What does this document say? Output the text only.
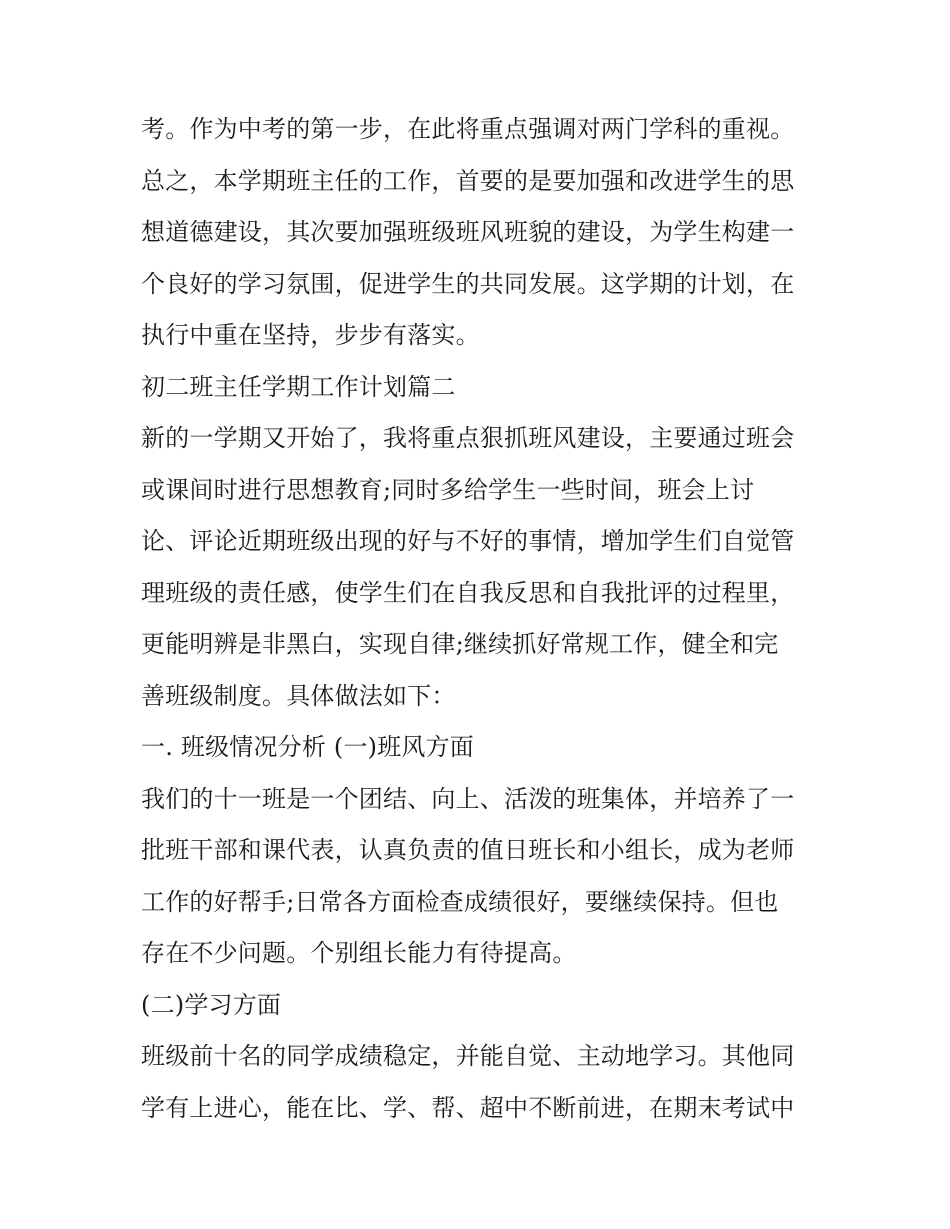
考。作为中考的第一步，在此将重点强调对两门学科的重视。
总之，本学期班主任的工作，首要的是要加强和改进学生的思
想道德建设，其次要加强班级班风班貌的建设，为学生构建一
个良好的学习氛围，促进学生的共同发展。这学期的计划，在
执行中重在坚持，步步有落实。
初二班主任学期工作计划篇二
新的一学期又开始了，我将重点狠抓班风建设，主要通过班会
或课间时进行思想教育;同时多给学生一些时间，班会上讨
论、评论近期班级出现的好与不好的事情，增加学生们自觉管
理班级的责任感，使学生们在自我反思和自我批评的过程里，
更能明辨是非黑白，实现自律;继续抓好常规工作，健全和完
善班级制度。具体做法如下：
一. 班级情况分析 (一)班风方面
我们的十一班是一个团结、向上、活泼的班集体，并培养了一
批班干部和课代表，认真负责的值日班长和小组长，成为老师
工作的好帮手;日常各方面检查成绩很好，要继续保持。但也
存在不少问题。个别组长能力有待提高。
(二)学习方面
班级前十名的同学成绩稳定，并能自觉、主动地学习。其他同
学有上进心，能在比、学、帮、超中不断前进，在期末考试中
